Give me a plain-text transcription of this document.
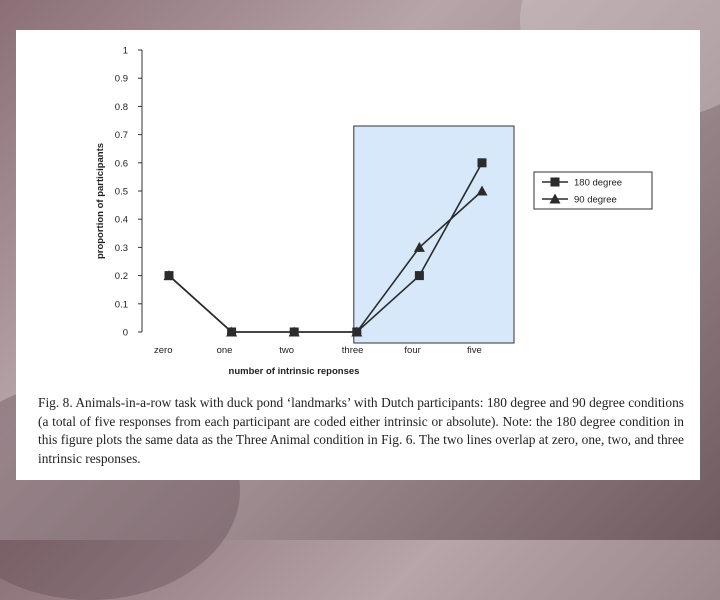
0
0.1
0.2
0.3
0.4
0.5
0.6
0.7
0.8
0.9
1
zero	one	two	three	four	five
proportion of participants
number of intrinsic reponses
180 degree
90 degree
Fig. 8. Animals-in-a-row task with duck pond ‘landmarks’ with Dutch participants: 180 degree and 90 degree conditions (a total of five responses from each participant are coded either intrinsic or absolute). Note: the 180 degree condition in this figure plots the same data as the Three Animal condition in Fig. 6. The two lines overlap at zero, one, two, and three intrinsic responses.
